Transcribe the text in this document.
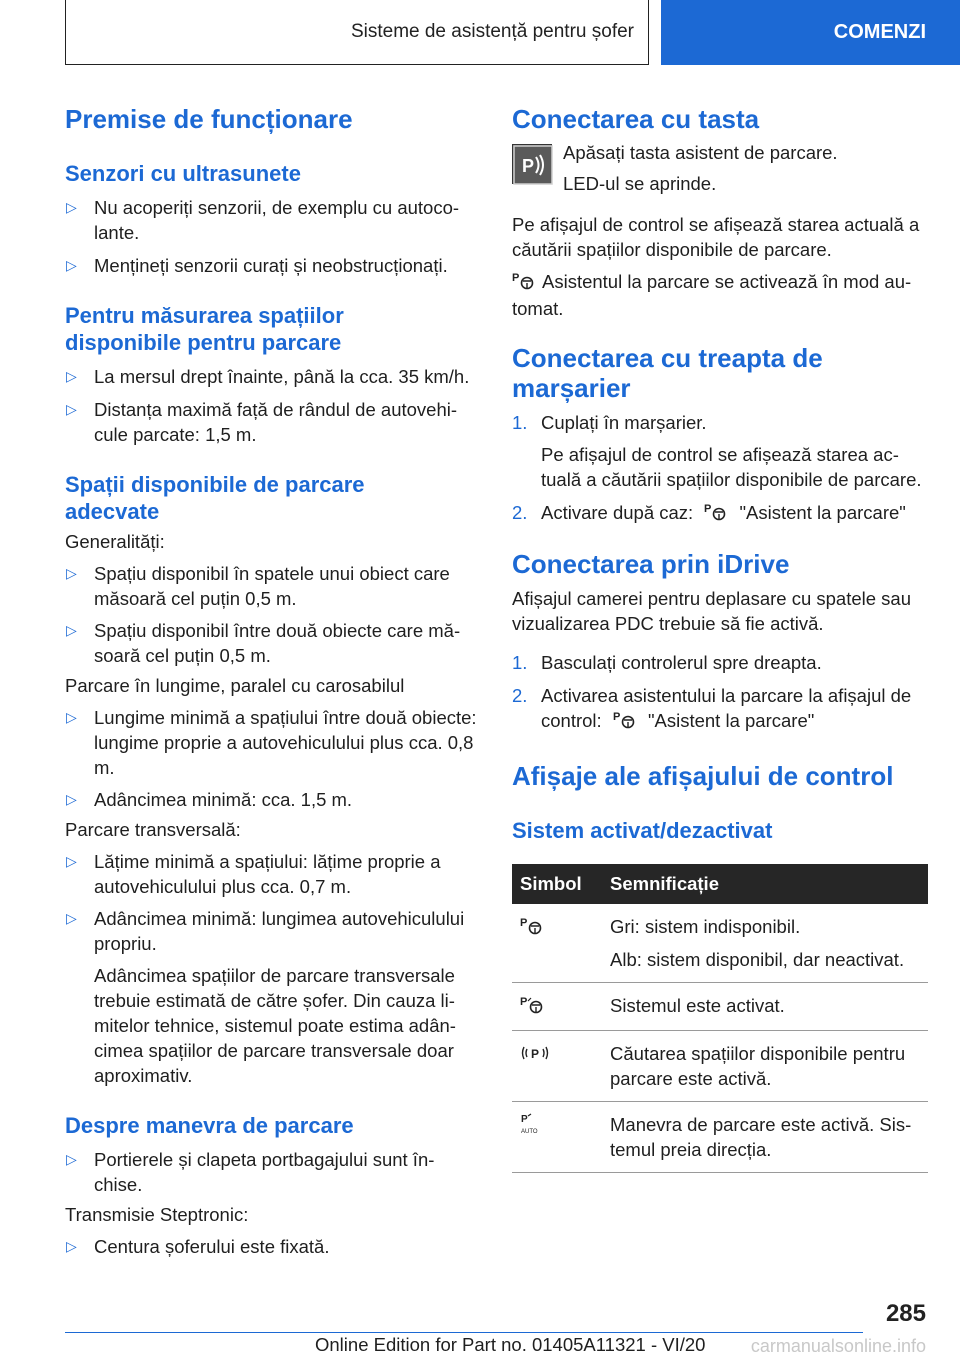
Sisteme de asistență pentru șofer	COMENZI
Premise de funcționare
Senzori cu ultrasunete
▷ Nu acoperiți senzorii, de exemplu cu autoco-lante.
▷ Mențineți senzorii curați și neobstrucționați.
Pentru măsurarea spațiilor
disponibile pentru parcare
▷ La mersul drept înainte, până la cca. 35 km/h.
▷ Distanța maximă față de rândul de autovehi-cule parcate: 1,5 m.
Spații disponibile de parcare
adecvate
Generalități:
▷ Spațiu disponibil în spatele unui obiect care măsoară cel puțin 0,5 m.
▷ Spațiu disponibil între două obiecte care mă-soară cel puțin 0,5 m.
Parcare în lungime, paralel cu carosabilul
▷ Lungime minimă a spațiului între două obiecte: lungime proprie a autovehiculului plus cca. 0,8 m.
▷ Adâncimea minimă: cca. 1,5 m.
Parcare transversală:
▷ Lățime minimă a spațiului: lățime proprie a autovehiculului plus cca. 0,7 m.
▷ Adâncimea minimă: lungimea autovehiculului propriu.
Adâncimea spațiilor de parcare transversale trebuie estimată de către șofer. Din cauza li-mitelor tehnice, sistemul poate estima adân-cimea spațiilor de parcare transversale doar aproximativ.
Despre manevra de parcare
▷ Portierele și clapeta portbagajului sunt în-chise.
Transmisie Steptronic:
▷ Centura șoferului este fixată.
Conectarea cu tasta
P
Apăsați tasta asistent de parcare.
LED-ul se aprinde.
Pe afișajul de control se afișează starea actuală a căutării spațiilor disponibile de parcare.
P Asistentul la parcare se activează în mod au-tomat.
Conectarea cu treapta de
marșarier
1. Cuplați în marșarier.
Pe afișajul de control se afișează starea ac-tuală a căutării spațiilor disponibile de parcare.
2. Activare după caz: P "Asistent la parcare"
Conectarea prin iDrive
Afișajul camerei pentru deplasare cu spatele sau vizualizarea PDC trebuie să fie activă.
1. Basculați controlerul spre dreapta.
2. Activarea asistentului la parcare la afișajul de control: P "Asistent la parcare"
Afișaje ale afișajului de control
Sistem activat/dezactivat
Simbol	Semnificație

P	Gri: sistem indisponibil.
Alb: sistem disponibil, dar neactivat.

P	Sistemul este activat.

P	Căutarea spațiilor disponibile pentru parcare este activă.

P
AUTO	Manevra de parcare este activă. Sis-temul preia direcția.
285
Online Edition for Part no. 01405A11321 - VI/20	carmanualsonline.info
